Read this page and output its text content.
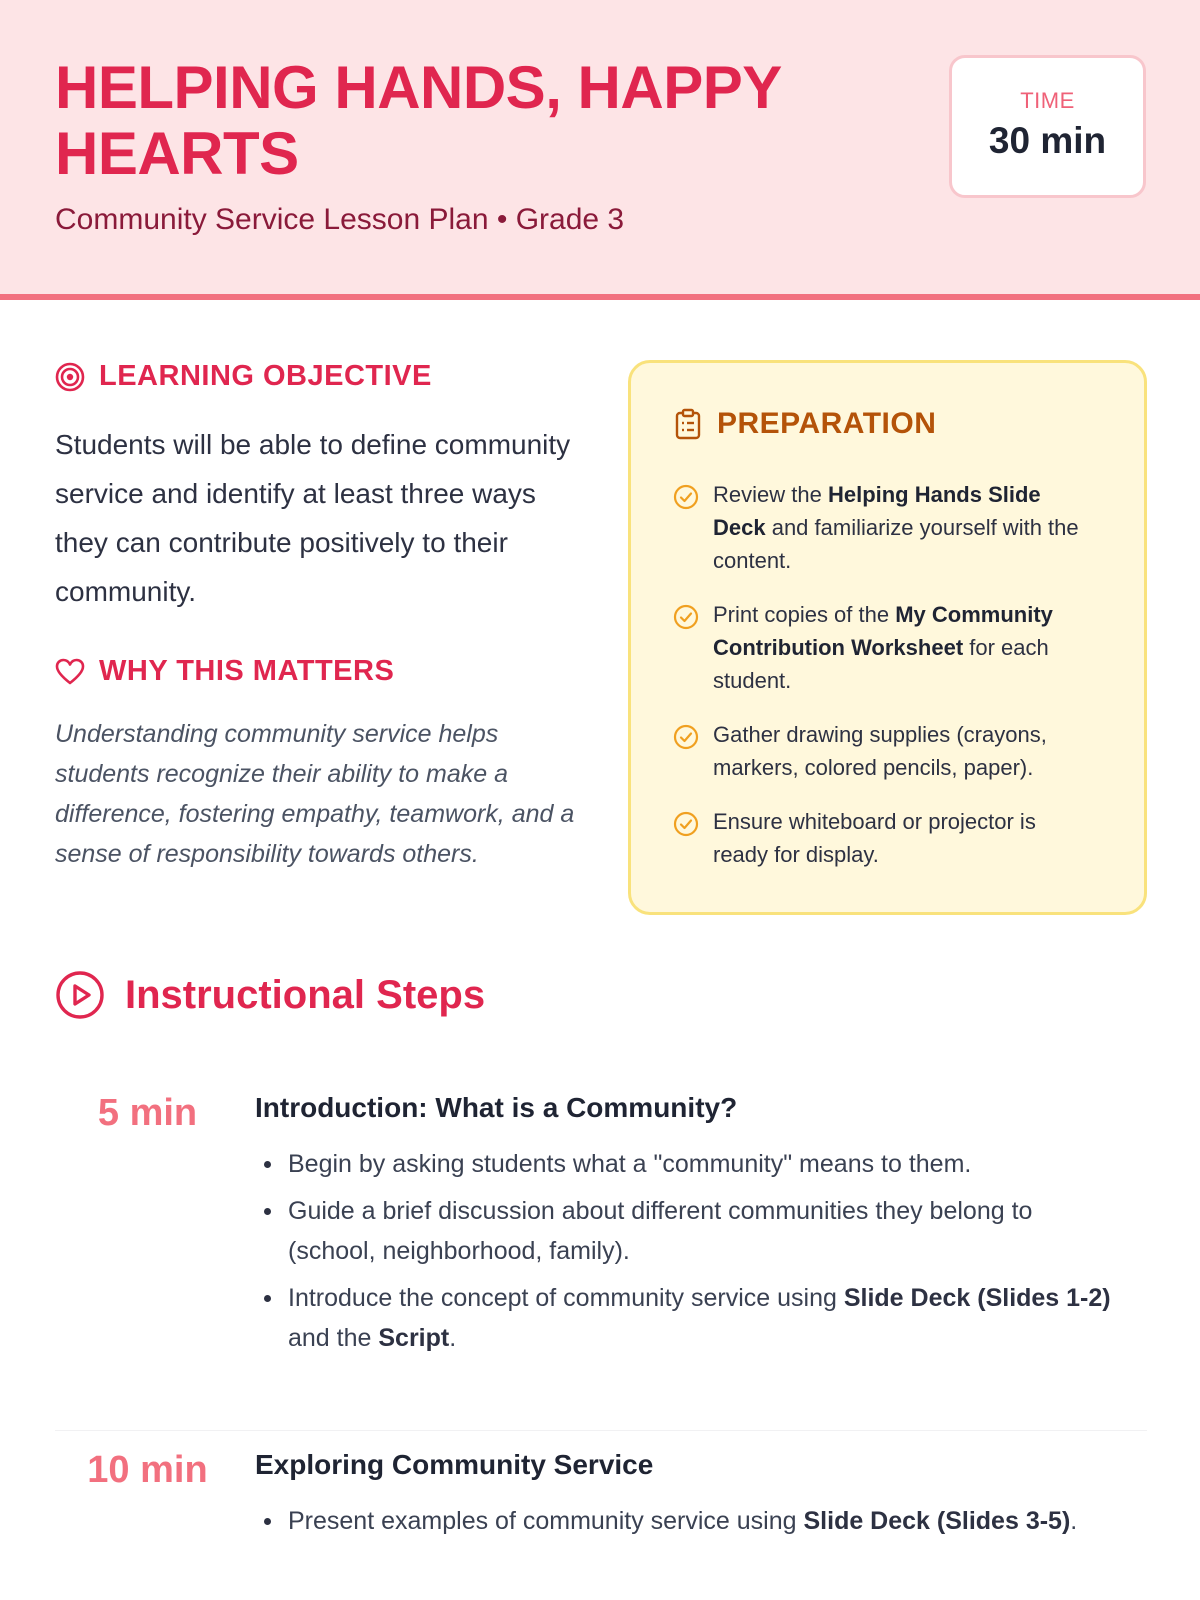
HELPING HANDS, HAPPY HEARTS
Community Service Lesson Plan • Grade 3
TIME
30 min
LEARNING OBJECTIVE

Students will be able to define community service and identify at least three ways they can contribute positively to their community.

WHY THIS MATTERS

Understanding community service helps students recognize their ability to make a difference, fostering empathy, teamwork, and a sense of responsibility towards others.

PREPARATION
Review the Helping Hands Slide Deck and familiarize yourself with the content.
Print copies of the My Community Contribution Worksheet for each student.
Gather drawing supplies (crayons, markers, colored pencils, paper).
Ensure whiteboard or projector is ready for display.
Instructional Steps
5 min	Introduction: What is a Community?
Begin by asking students what a "community" means to them.
Guide a brief discussion about different communities they belong to (school, neighborhood, family).
Introduce the concept of community service using Slide Deck (Slides 1-2) and the Script.
10 min	Exploring Community Service
Present examples of community service using Slide Deck (Slides 3-5).
